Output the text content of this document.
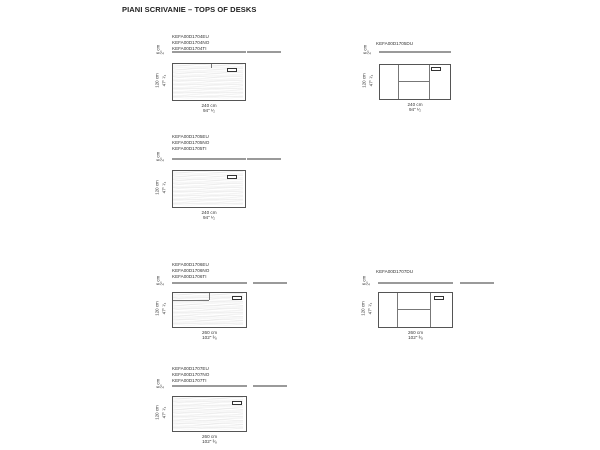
PIANI SCRIVANIE – TOPS OF DESKS
KEFA00D1704EU
KEFA00D1704NO
KEFA00D1704TI
6 cm 2"
120 cm 47" ¹⁄₄
240 cm
94" ¹⁄₂
KEFA00D1705DU
6 cm 2"
120 cm 47" ¹⁄₄
240 cm
94" ¹⁄₂
KEFA00D1705EU
KEFA00D1705NO
KEFA00D1705TI
6 cm 2"
120 cm 47" ¹⁄₄
240 cm
94" ¹⁄₂
KEFA00D1706EU
KEFA00D1706NO
KEFA00D1706TI
6 cm 2"
120 cm 47" ¹⁄₄
260 cm
102" ³⁄₈
KEFA00D1707DU
6 cm 2"
120 cm 47" ¹⁄₄
260 cm
102" ³⁄₈
KEFA00D1707EU
KEFA00D1707NO
KEFA00D1707TI
6 cm 2"
120 cm 47" ¹⁄₄
260 cm
102" ³⁄₈
